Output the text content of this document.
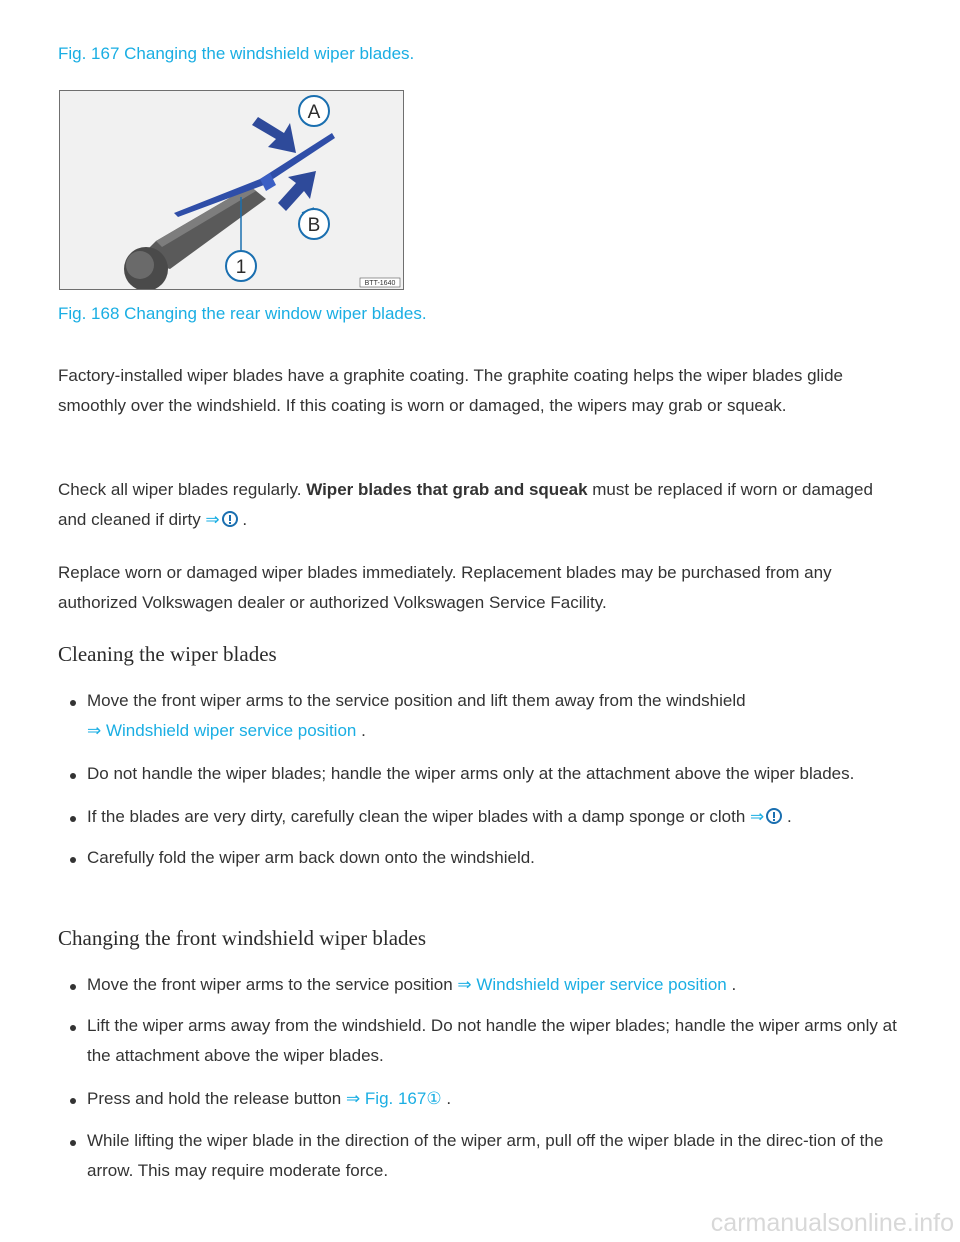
Fig. 167 Changing the windshield wiper blades.

A
B
1
BTT-1640

Fig. 168 Changing the rear window wiper blades.

Factory-installed wiper blades have a graphite coating. The graphite coating helps the wiper blades glide smoothly over the windshield. If this coating is worn or damaged, the wipers may grab or squeak.

Check all wiper blades regularly. Wiper blades that grab and squeak must be replaced if worn or damaged and cleaned if dirty ⇒ .

Replace worn or damaged wiper blades immediately. Replacement blades may be purchased from any authorized Volkswagen dealer or authorized Volkswagen Service Facility.

Cleaning the wiper blades
Move the front wiper arms to the service position and lift them away from the windshield
⇒ Windshield wiper service position .
Do not handle the wiper blades; handle the wiper arms only at the attachment above the wiper blades.
If the blades are very dirty, carefully clean the wiper blades with a damp sponge or cloth ⇒ .
Carefully fold the wiper arm back down onto the windshield.
Changing the front windshield wiper blades
Move the front wiper arms to the service position ⇒ Windshield wiper service position .
Lift the wiper arms away from the windshield. Do not handle the wiper blades; handle the wiper arms only at the attachment above the wiper blades.
Press and hold the release button ⇒ Fig. 167① .
While lifting the wiper blade in the direction of the wiper arm, pull off the wiper blade in the direc-tion of the arrow. This may require moderate force.
carmanualsonline.info
